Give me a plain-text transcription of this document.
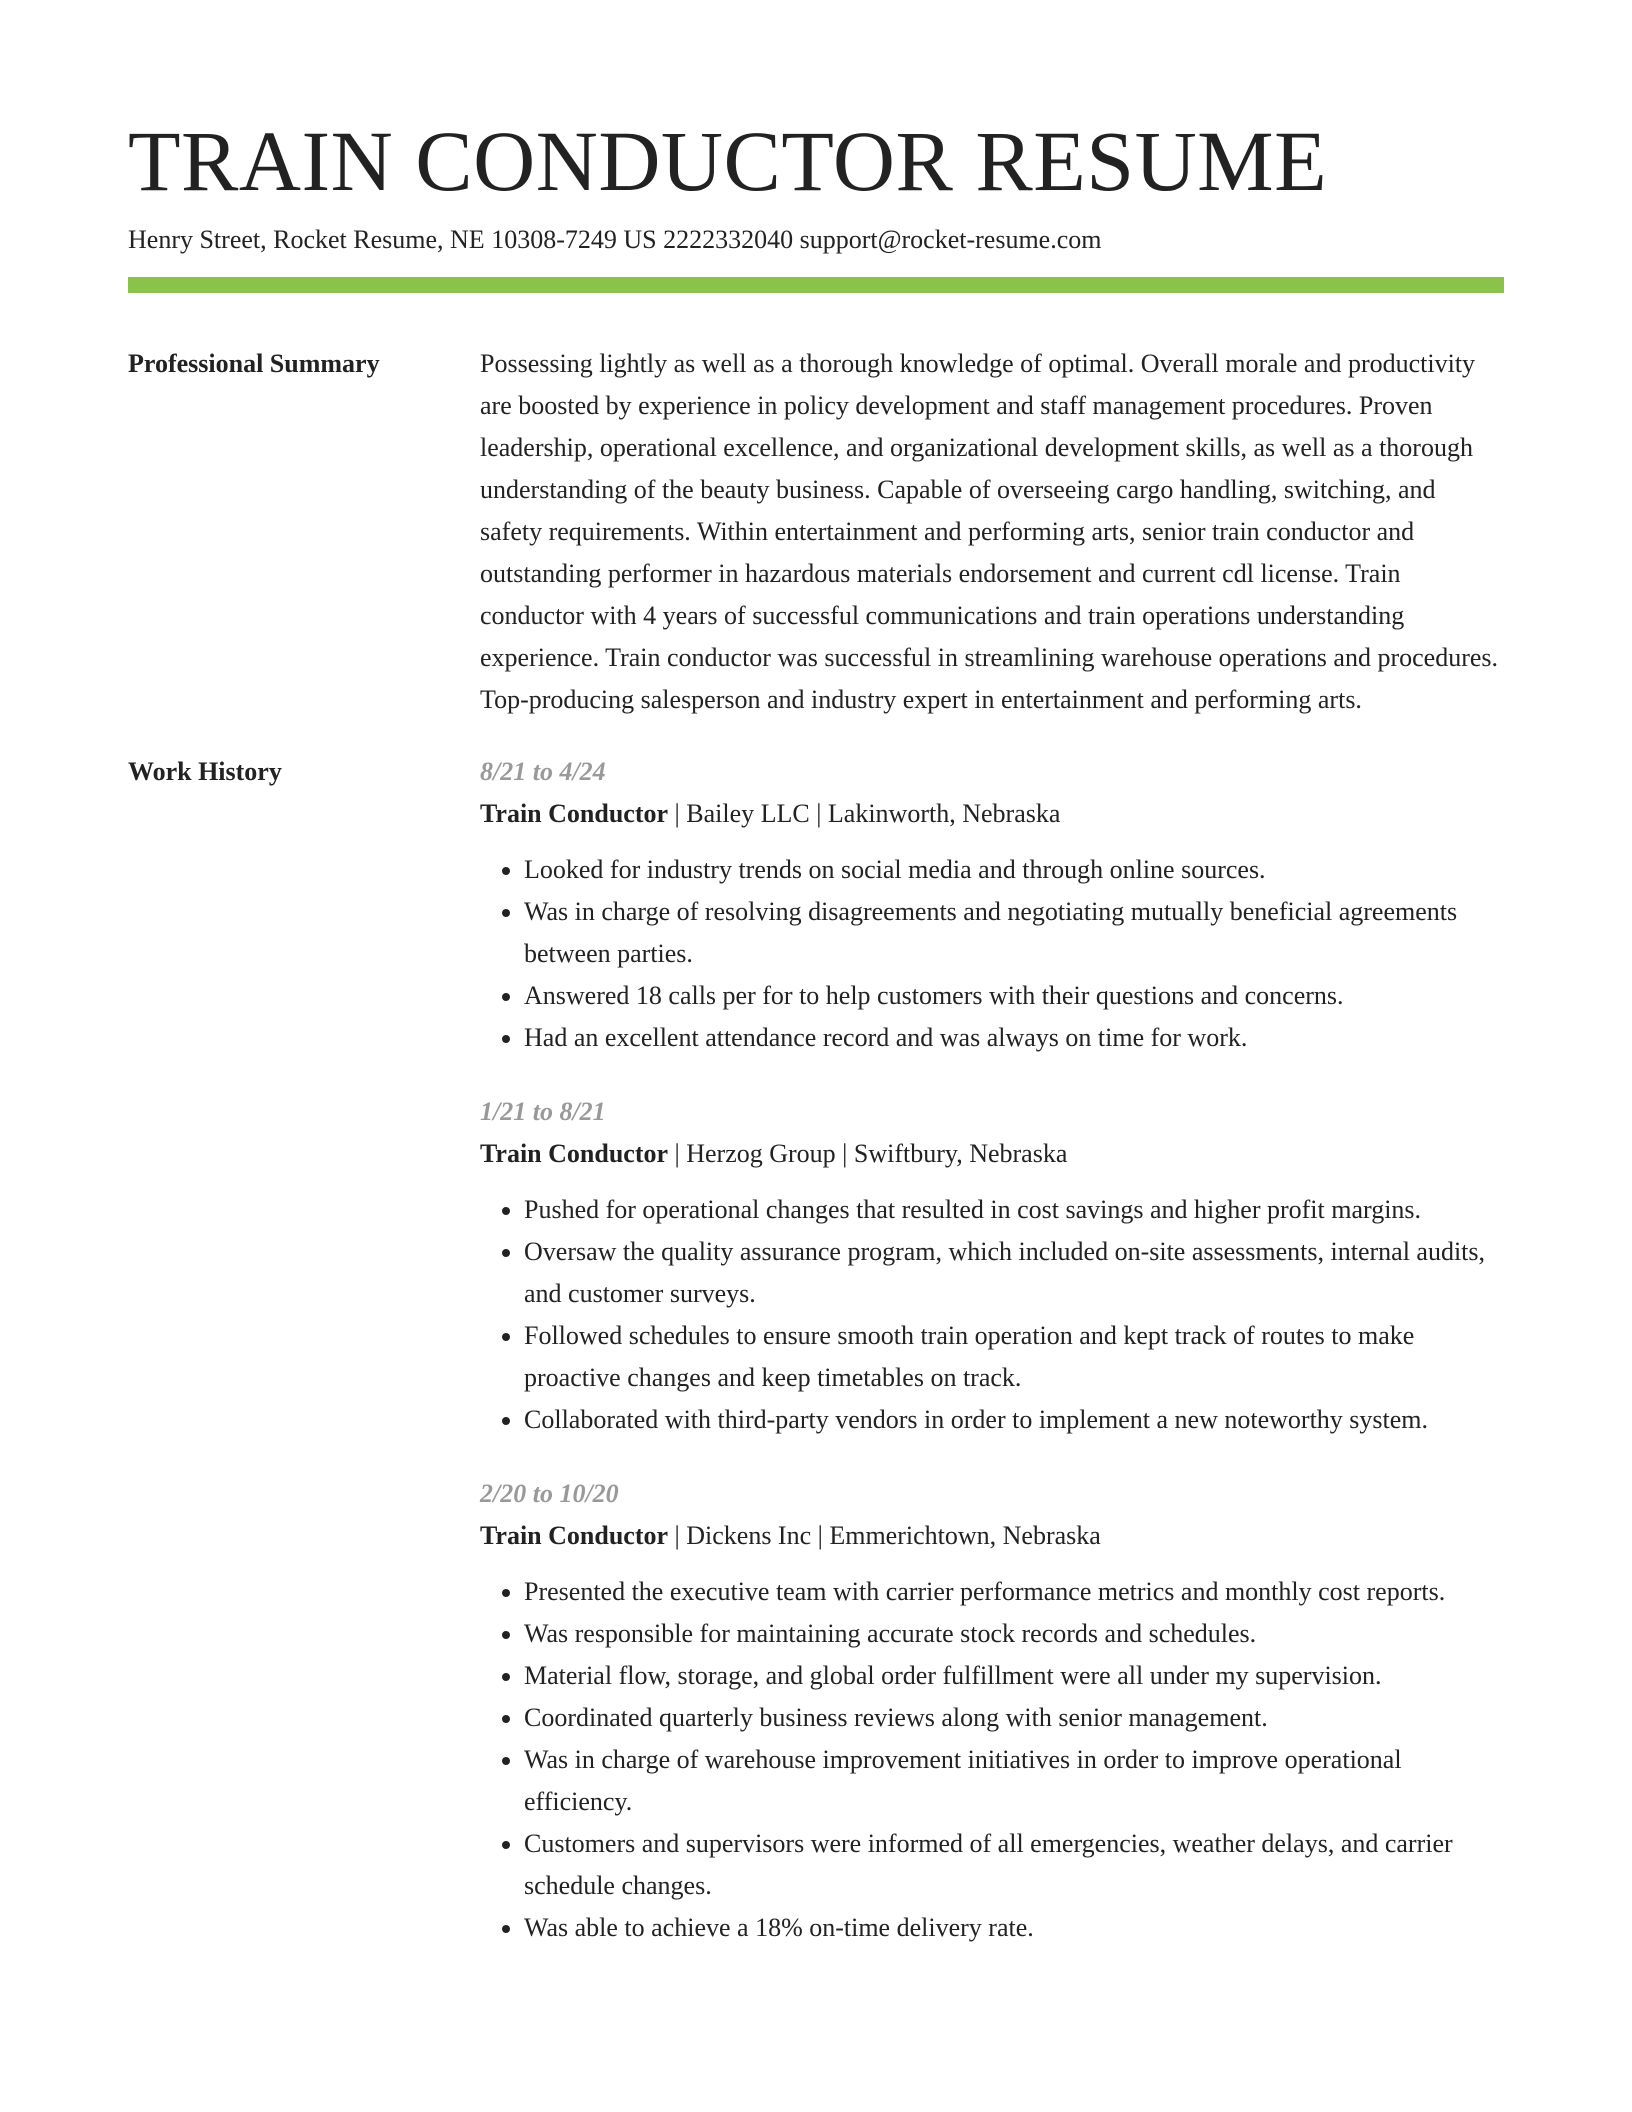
TRAIN CONDUCTOR RESUME
Henry Street, Rocket Resume, NE 10308-7249 US 2222332040 support@rocket-resume.com
Professional Summary	Possessing lightly as well as a thorough knowledge of optimal. Overall morale and productivity are boosted by experience in policy development and staff management procedures. Proven leadership, operational excellence, and organizational development skills, as well as a thorough understanding of the beauty business. Capable of overseeing cargo handling, switching, and safety requirements. Within entertainment and performing arts, senior train conductor and outstanding performer in hazardous materials endorsement and current cdl license. Train conductor with 4 years of successful communications and train operations understanding experience. Train conductor was successful in streamlining warehouse operations and procedures. Top-producing salesperson and industry expert in entertainment and performing arts.
Work History	8/21 to 4/24
Train Conductor | Bailey LLC | Lakinworth, Nebraska
• Looked for industry trends on social media and through online sources.
• Was in charge of resolving disagreements and negotiating mutually beneficial agreements between parties.
• Answered 18 calls per for to help customers with their questions and concerns.
• Had an excellent attendance record and was always on time for work.
1/21 to 8/21
Train Conductor | Herzog Group | Swiftbury, Nebraska
• Pushed for operational changes that resulted in cost savings and higher profit margins.
• Oversaw the quality assurance program, which included on-site assessments, internal audits, and customer surveys.
• Followed schedules to ensure smooth train operation and kept track of routes to make proactive changes and keep timetables on track.
• Collaborated with third-party vendors in order to implement a new noteworthy system.
2/20 to 10/20
Train Conductor | Dickens Inc | Emmerichtown, Nebraska
• Presented the executive team with carrier performance metrics and monthly cost reports.
• Was responsible for maintaining accurate stock records and schedules.
• Material flow, storage, and global order fulfillment were all under my supervision.
• Coordinated quarterly business reviews along with senior management.
• Was in charge of warehouse improvement initiatives in order to improve operational efficiency.
• Customers and supervisors were informed of all emergencies, weather delays, and carrier schedule changes.
• Was able to achieve a 18% on-time delivery rate.
